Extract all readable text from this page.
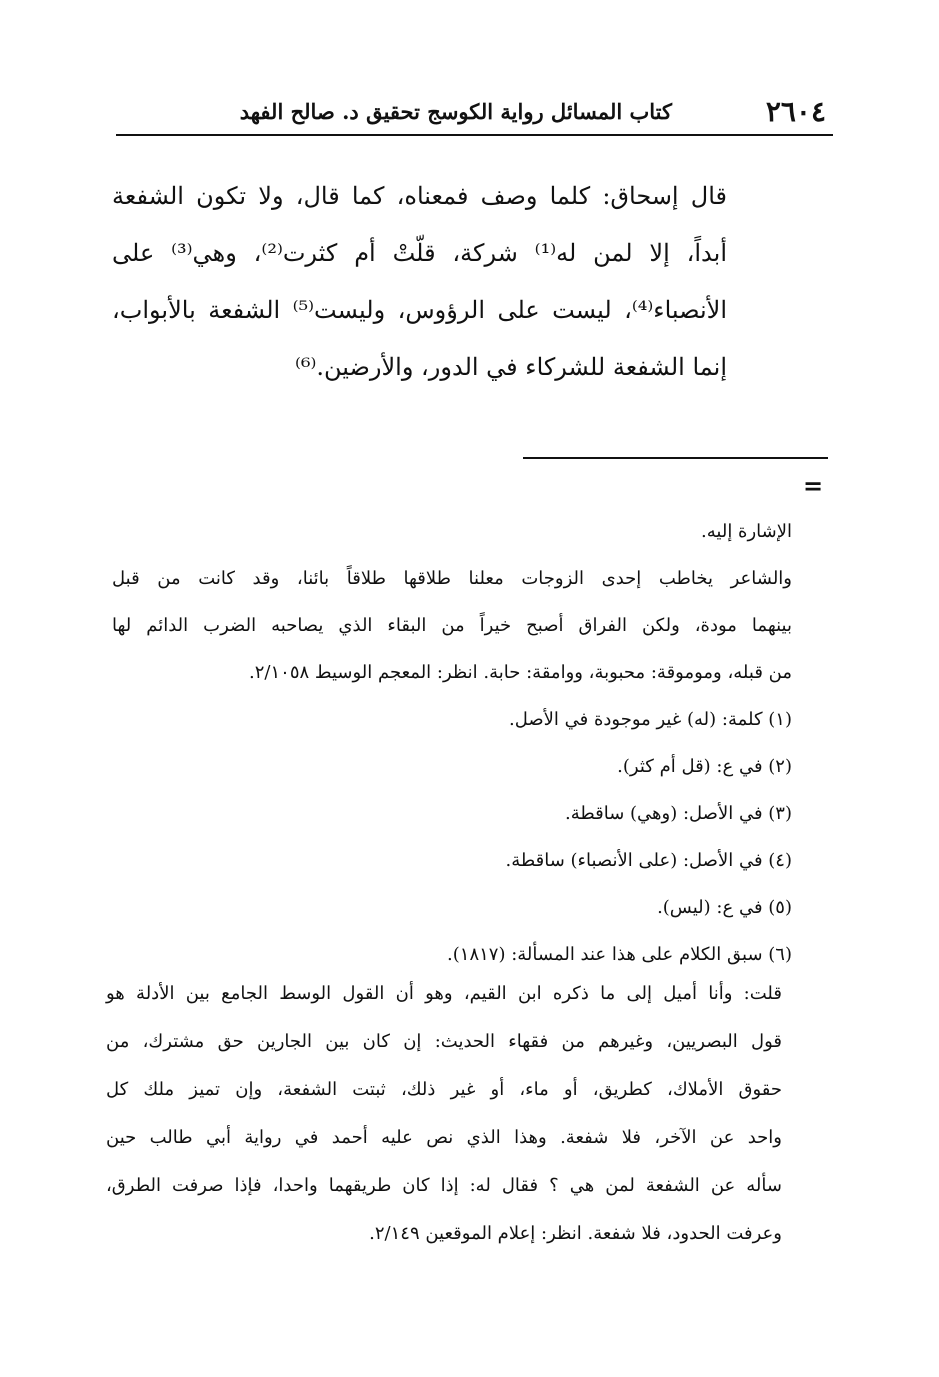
٢٦٠٤
كتاب المسائل رواية الكوسج تحقيق د. صالح الفهد
قال إسحاق: كلما وصف فمعناه، كما قال، ولا تكون الشفعة
أبداً، إلا لمن له⁽¹⁾ شركة، قلّتْ أم كثرت⁽²⁾، وهي⁽³⁾ على
الأنصباء⁽⁴⁾، ليست على الرؤوس، وليست⁽⁵⁾ الشفعة بالأبواب،
إنما الشفعة للشركاء في الدور، والأرضين.⁽⁶⁾
=
الإشارة إليه.
والشاعر يخاطب إحدى الزوجات معلنا طلاقها طلاقاً بائنا، وقد كانت من قبل
بينهما مودة، ولكن الفراق أصبح خيراً من البقاء الذي يصاحبه الضرب الدائم لها
من قبله، وموموقة: محبوبة، ووامقة: حابة. انظر: المعجم الوسيط ٢/١٠٥٨.
(١) كلمة: (له) غير موجودة في الأصل.
(٢) في ع: (قل أم كثر).
(٣) في الأصل: (وهي) ساقطة.
(٤) في الأصل: (على الأنصباء) ساقطة.
(٥) في ع: (ليس).
(٦) سبق الكلام على هذا عند المسألة: (١٨١٧).
قلت: وأنا أميل إلى ما ذكره ابن القيم، وهو أن القول الوسط الجامع بين الأدلة هو
قول البصريين، وغيرهم من فقهاء الحديث: إن كان بين الجارين حق مشترك، من
حقوق الأملاك، كطريق، أو ماء، أو غير ذلك، ثبتت الشفعة، وإن تميز ملك كل
واحد عن الآخر، فلا شفعة. وهذا الذي نص عليه أحمد في رواية أبي طالب حين
سأله عن الشفعة لمن هي ؟ فقال له: إذا كان طريقهما واحدا، فإذا صرفت الطرق،
وعرفت الحدود، فلا شفعة. انظر: إعلام الموقعين ٢/١٤٩.
